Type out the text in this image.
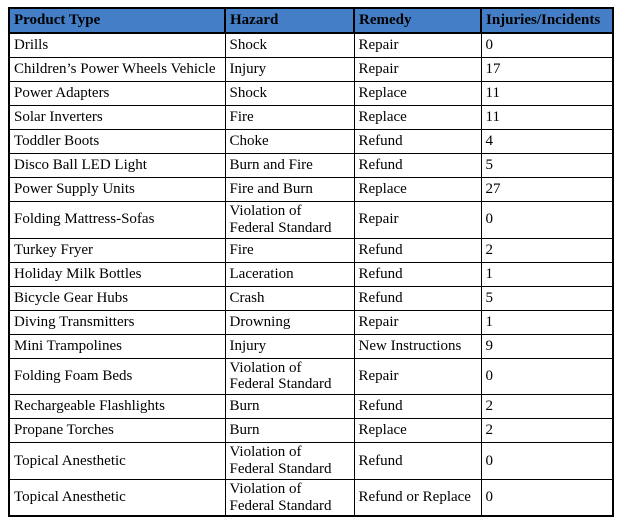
Product Type	Hazard	Remedy	Injuries/Incidents
Drills	Shock	Repair	0
Children’s Power Wheels Vehicle	Injury	Repair	17
Power Adapters	Shock	Replace	11
Solar Inverters	Fire	Replace	11
Toddler Boots	Choke	Refund	4
Disco Ball LED Light	Burn and Fire	Refund	5
Power Supply Units	Fire and Burn	Replace	27
Folding Mattress-Sofas	Violation of Federal Standard	Repair	0
Turkey Fryer	Fire	Refund	2
Holiday Milk Bottles	Laceration	Refund	1
Bicycle Gear Hubs	Crash	Refund	5
Diving Transmitters	Drowning	Repair	1
Mini Trampolines	Injury	New Instructions	9
Folding Foam Beds	Violation of Federal Standard	Repair	0
Rechargeable Flashlights	Burn	Refund	2
Propane Torches	Burn	Replace	2
Topical Anesthetic	Violation of Federal Standard	Refund	0
Topical Anesthetic	Violation of Federal Standard	Refund or Replace	0
